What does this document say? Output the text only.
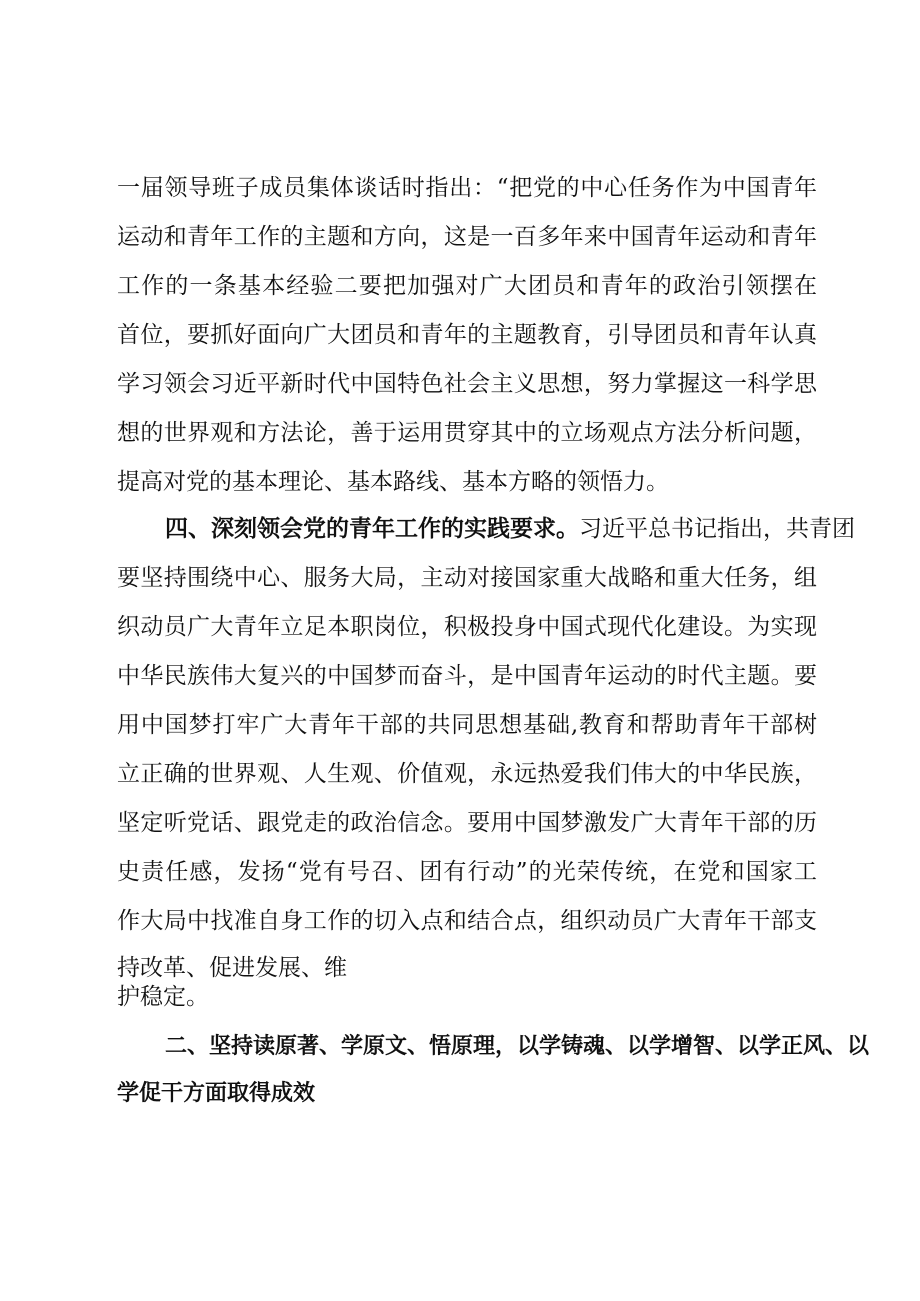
一届领导班子成员集体谈话时指出：“把党的中心任务作为中国青年
运动和青年工作的主题和方向，这是一百多年来中国青年运动和青年
工作的一条基本经验二要把加强对广大团员和青年的政治引领摆在
首位，要抓好面向广大团员和青年的主题教育，引导团员和青年认真
学习领会习近平新时代中国特色社会主义思想，努力掌握这一科学思
想的世界观和方法论，善于运用贯穿其中的立场观点方法分析问题，
提高对党的基本理论、基本路线、基本方略的领悟力。
四、深刻领会党的青年工作的实践要求。习近平总书记指出，共青团
要坚持围绕中心、服务大局，主动对接国家重大战略和重大任务，组
织动员广大青年立足本职岗位，积极投身中国式现代化建设。为实现
中华民族伟大复兴的中国梦而奋斗，是中国青年运动的时代主题。要
用中国梦打牢广大青年干部的共同思想基础,教育和帮助青年干部树
立正确的世界观、人生观、价值观，永远热爱我们伟大的中华民族，
坚定听党话、跟党走的政治信念。要用中国梦激发广大青年干部的历
史责任感，发扬“党有号召、团有行动”的光荣传统，在党和国家工
作大局中找准自身工作的切入点和结合点，组织动员广大青年干部支
持改革、促进发展、维
护稳定。
二、坚持读原著、学原文、悟原理，以学铸魂、以学增智、以学正风、以
学促干方面取得成效
